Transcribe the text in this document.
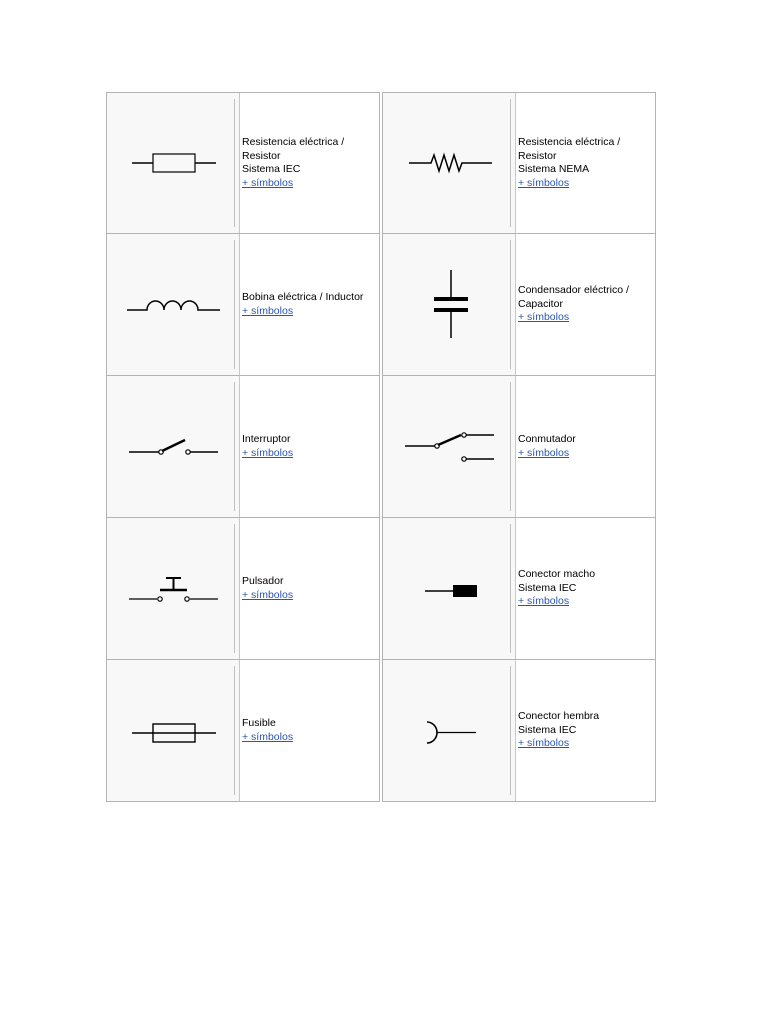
Resistencia eléctrica /
Resistor
Sistema IEC
+ símbolos
Bobina eléctrica / Inductor
+ símbolos
Interruptor
+ símbolos
Pulsador
+ símbolos
Fusible
+ símbolos
Resistencia eléctrica /
Resistor
Sistema NEMA
+ símbolos
Condensador eléctrico /
Capacitor
+ símbolos
Conmutador
+ símbolos
Conector macho
Sistema IEC
+ símbolos
Conector hembra
Sistema IEC
+ símbolos
